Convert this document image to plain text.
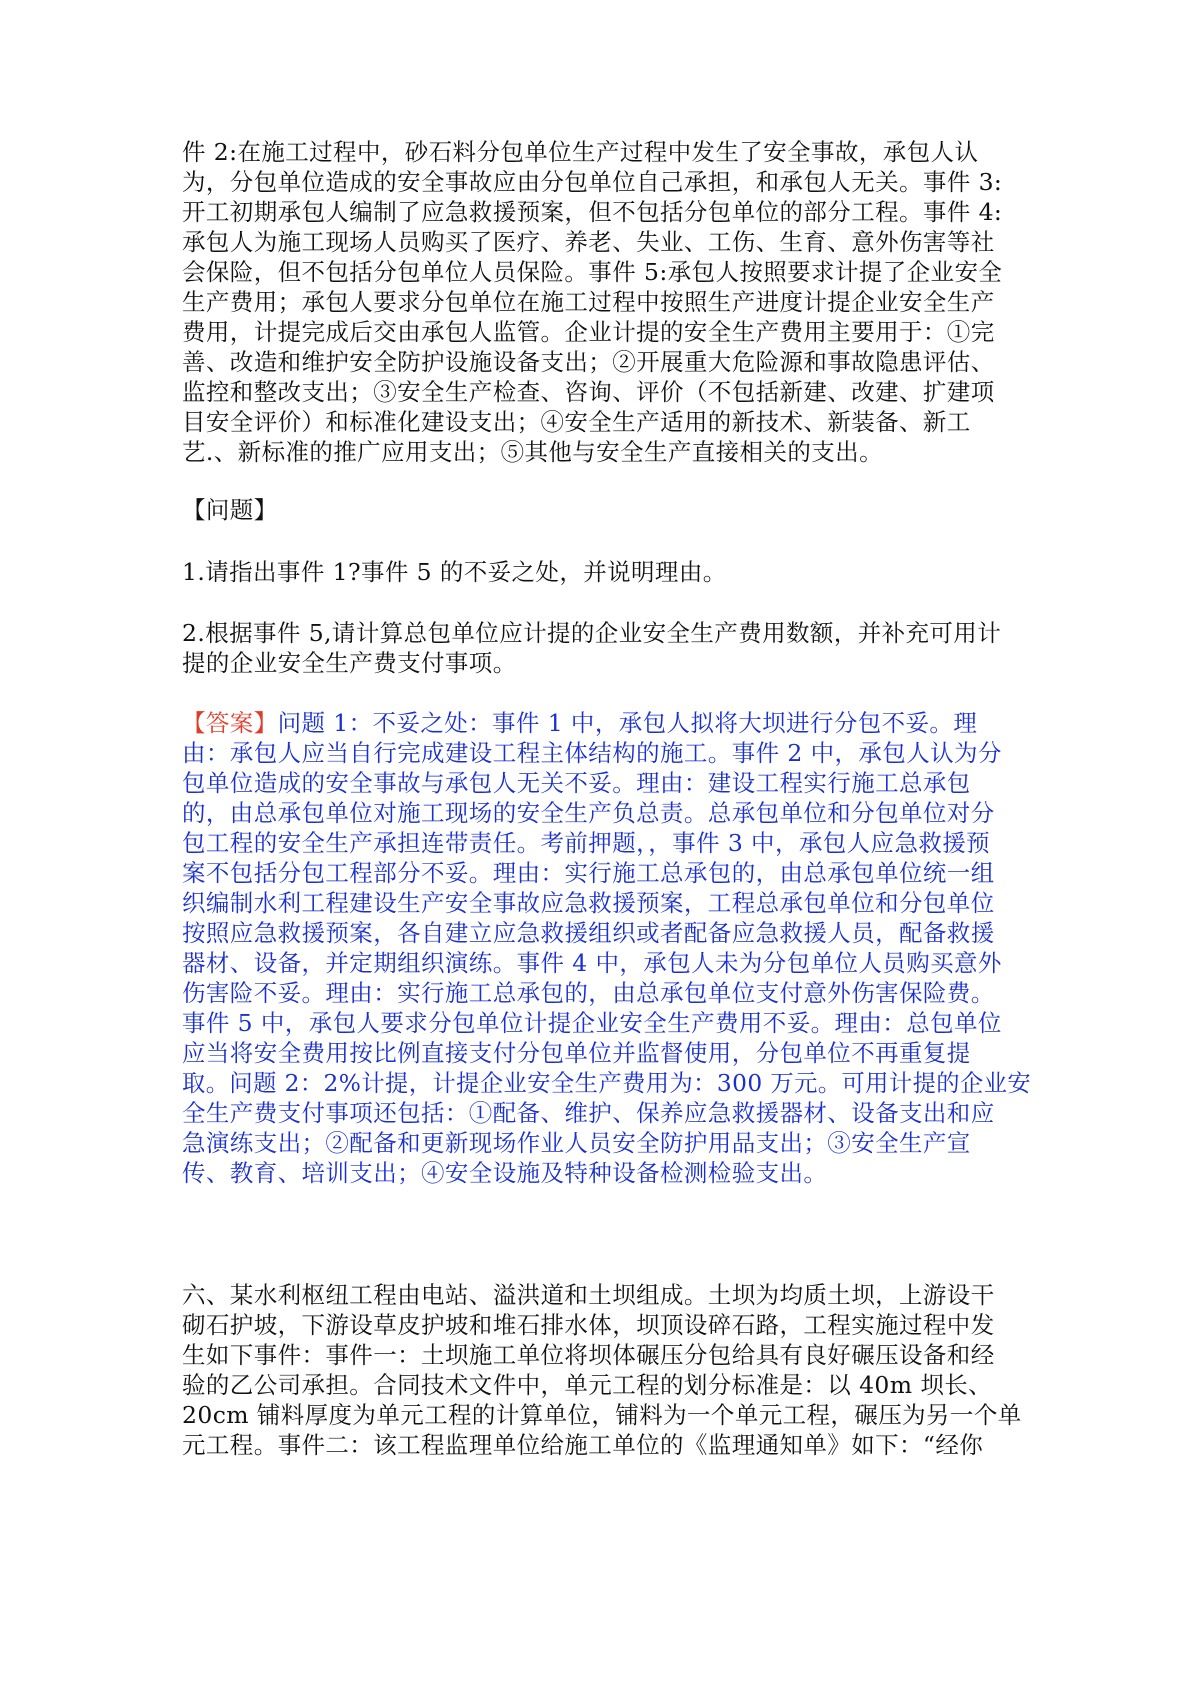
件 2:在施工过程中，砂石料分包单位生产过程中发生了安全事故，承包人认
为，分包单位造成的安全事故应由分包单位自己承担，和承包人无关。事件 3:
开工初期承包人编制了应急救援预案，但不包括分包单位的部分工程。事件 4:
承包人为施工现场人员购买了医疗、养老、失业、工伤、生育、意外伤害等社
会保险，但不包括分包单位人员保险。事件 5:承包人按照要求计提了企业安全
生产费用；承包人要求分包单位在施工过程中按照生产进度计提企业安全生产
费用，计提完成后交由承包人监管。企业计提的安全生产费用主要用于：①完
善、改造和维护安全防护设施设备支出；②开展重大危险源和事故隐患评估、
监控和整改支出；③安全生产检查、咨询、评价（不包括新建、改建、扩建项
目安全评价）和标准化建设支出；④安全生产适用的新技术、新装备、新工
艺.、新标准的推广应用支出；⑤其他与安全生产直接相关的支出。
【问题】
1.请指出事件 1?事件 5 的不妥之处，并说明理由。
2.根据事件 5,请计算总包单位应计提的企业安全生产费用数额，并补充可用计
提的企业安全生产费支付事项。
【答案】问题 1：不妥之处：事件 1 中，承包人拟将大坝进行分包不妥。理
由：承包人应当自行完成建设工程主体结构的施工。事件 2 中，承包人认为分
包单位造成的安全事故与承包人无关不妥。理由：建设工程实行施工总承包
的，由总承包单位对施工现场的安全生产负总责。总承包单位和分包单位对分
包工程的安全生产承担连带责任。考前押题，，事件 3 中，承包人应急救援预
案不包括分包工程部分不妥。理由：实行施工总承包的，由总承包单位统一组
织编制水利工程建设生产安全事故应急救援预案，工程总承包单位和分包单位
按照应急救援预案，各自建立应急救援组织或者配备应急救援人员，配备救援
器材、设备，并定期组织演练。事件 4 中，承包人未为分包单位人员购买意外
伤害险不妥。理由：实行施工总承包的，由总承包单位支付意外伤害保险费。
事件 5 中，承包人要求分包单位计提企业安全生产费用不妥。理由：总包单位
应当将安全费用按比例直接支付分包单位并监督使用，分包单位不再重复提
取。问题 2：2%计提，计提企业安全生产费用为：300 万元。可用计提的企业安
全生产费支付事项还包括：①配备、维护、保养应急救援器材、设备支出和应
急演练支出；②配备和更新现场作业人员安全防护用品支出；③安全生产宣
传、教育、培训支出；④安全设施及特种设备检测检验支出。
六、某水利枢纽工程由电站、溢洪道和土坝组成。土坝为均质土坝，上游设干
砌石护坡，下游设草皮护坡和堆石排水体，坝顶设碎石路，工程实施过程中发
生如下事件：事件一：土坝施工单位将坝体碾压分包给具有良好碾压设备和经
验的乙公司承担。合同技术文件中，单元工程的划分标准是：以 40m 坝长、
20cm 铺料厚度为单元工程的计算单位，铺料为一个单元工程，碾压为另一个单
元工程。事件二：该工程监理单位给施工单位的《监理通知单》如下：“经你
